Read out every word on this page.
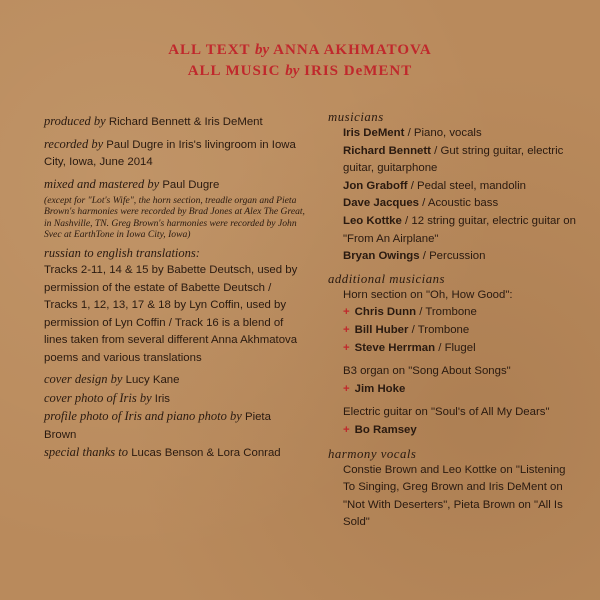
ALL TEXT by ANNA AKHMATOVA
ALL MUSIC by IRIS DeMENT
produced by Richard Bennett & Iris DeMent
recorded by Paul Dugre in Iris's livingroom in Iowa City, Iowa, June 2014
mixed and mastered by Paul Dugre
(except for "Lot's Wife", the horn section, treadle organ and Pieta Brown's harmonies were recorded by Brad Jones at Alex The Great, in Nashville, TN. Greg Brown's harmonies were recorded by John Svec at EarthTone in Iowa City, Iowa)
russian to english translations:
Tracks 2-11, 14 & 15 by Babette Deutsch, used by permission of the estate of Babette Deutsch / Tracks 1, 12, 13, 17 & 18 by Lyn Coffin, used by permission of Lyn Coffin / Track 16 is a blend of lines taken from several different Anna Akhmatova poems and various translations
cover design by Lucy Kane
cover photo of Iris by Iris
profile photo of Iris and piano photo by Pieta Brown
special thanks to Lucas Benson & Lora Conrad
musicians
Iris DeMent / Piano, vocals
Richard Bennett / Gut string guitar, electric guitar, guitarphone
Jon Graboff / Pedal steel, mandolin
Dave Jacques / Acoustic bass
Leo Kottke / 12 string guitar, electric guitar on "From An Airplane"
Bryan Owings / Percussion
additional musicians
Horn section on "Oh, How Good":
+ Chris Dunn / Trombone
+ Bill Huber / Trombone
+ Steve Herrman / Flugel
B3 organ on "Song About Songs"
+ Jim Hoke
Electric guitar on "Soul's of All My Dears"
+ Bo Ramsey
harmony vocals
Constie Brown and Leo Kottke on "Listening To Singing, Greg Brown and Iris DeMent on "Not With Deserters", Pieta Brown on "All Is Sold"
